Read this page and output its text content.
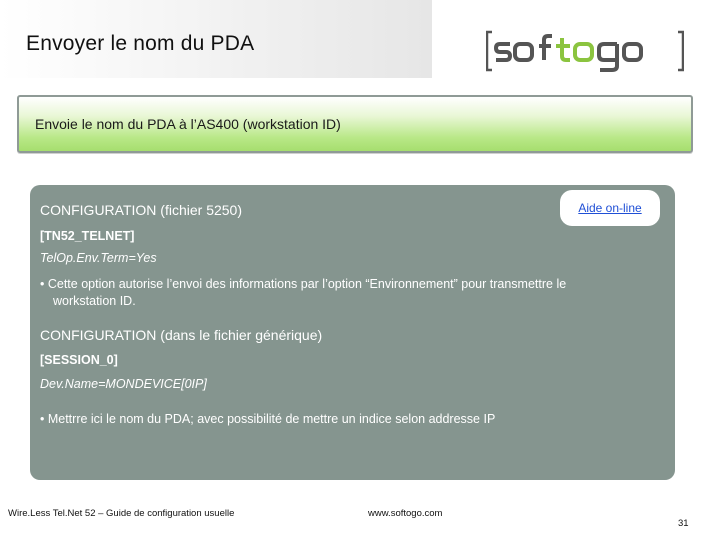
Envoyer le nom du PDA
Envoie le nom du PDA à l’AS400 (workstation ID)
Aide on-line
CONFIGURATION (fichier 5250)
[TN52_TELNET]
TelOp.Env.Term=Yes
• Cette option autorise l’envoi des informations par l’option “Environnement” pour transmettre le
workstation ID.
CONFIGURATION (dans le fichier générique)
[SESSION_0]
Dev.Name=MONDEVICE[0IP]
• Mettrre ici le nom du PDA; avec possibilité de mettre un indice selon addresse IP
Wire.Less Tel.Net 52 – Guide de configuration usuelle	www.softogo.com
31
